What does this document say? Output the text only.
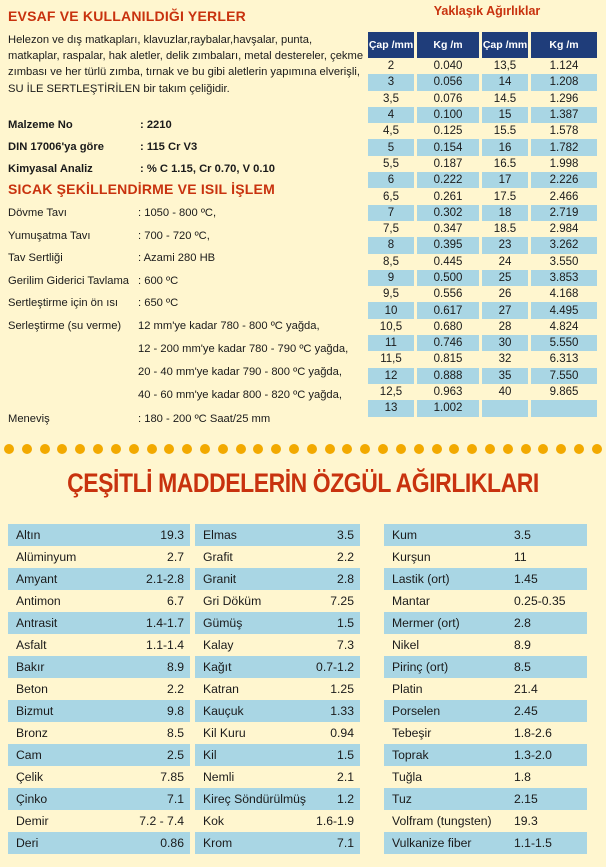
EVSAF VE KULLANILDIĞI YERLER
Helezon ve dış matkapları, klavuzlar,raybalar,havşalar, punta, matkaplar, raspalar, hak aletler, delik zımbaları, metal destereler, çekme zımbası ve her türlü zımba, tırnak ve bu gibi aletlerin yapımına elverişli, SU İLE SERTLEŞTİRİLEN bir takım çeliğidir.
Malzeme No	: 2210
DIN 17006'ya göre	: 115 Cr V3
Kimyasal Analiz	: % C 1.15, Cr 0.70, V 0.10
SICAK ŞEKİLLENDİRME VE ISIL İŞLEM
Dövme Tavı	: 1050 - 800 ºC,
Yumuşatma Tavı	: 700 - 720 ºC,
Tav Sertliği	: Azami 280 HB
Gerilim Giderici Tavlama : 600 ºC
Sertleştirme için ön ısı : 650 ºC
Serleştirme (su verme) 12 mm'ye kadar 780 - 800 ºC yağda,
12 - 200 mm'ye kadar 780 - 790 ºC yağda,
20 - 40 mm'ye kadar 790 - 800 ºC yağda,
40 - 60 mm'ye kadar 800 - 820 ºC yağda,
Meneviş	: 180 - 200 ºC Saat/25 mm
Yaklaşık Ağırlıklar
Çap /mm	Kg /m	Çap /mm	Kg /m
2	0.040	13,5	1.124
3	0.056	14	1.208
3,5	0.076	14.5	1.296
4	0.100	15	1.387
4,5	0.125	15.5	1.578
5	0.154	16	1.782
5,5	0.187	16.5	1.998
6	0.222	17	2.226
6,5	0.261	17.5	2.466
7	0.302	18	2.719
7,5	0.347	18.5	2.984
8	0.395	23	3.262
8,5	0.445	24	3.550
9	0.500	25	3.853
9,5	0.556	26	4.168
10	0.617	27	4.495
10,5	0.680	28	4.824
11	0.746	30	5.550
11,5	0.815	32	6.313
12	0.888	35	7.550
12,5	0.963	40	9.865
13	1.002
ÇEŞİTLİ MADDELERİN ÖZGÜL AĞIRLIKLARI
Altın	19.3
Alüminyum	2.7
Amyant	2.1-2.8
Antimon	6.7
Antrasit	1.4-1.7
Asfalt	1.1-1.4
Bakır	8.9
Beton	2.2
Bizmut	9.8
Bronz	8.5
Cam	2.5
Çelik	7.85
Çinko	7.1
Demir	7.2 - 7.4
Deri	0.86
Elmas	3.5
Grafit	2.2
Granit	2.8
Gri Döküm	7.25
Gümüş	1.5
Kalay	7.3
Kağıt	0.7-1.2
Katran	1.25
Kauçuk	1.33
Kil Kuru	0.94
Kil	1.5
Nemli	2.1
Kireç Söndürülmüş	1.2
Kok	1.6-1.9
Krom	7.1
Kum	3.5
Kurşun	11
Lastik (ort)	1.45
Mantar	0.25-0.35
Mermer (ort)	2.8
Nikel	8.9
Pirinç (ort)	8.5
Platin	21.4
Porselen	2.45
Tebeşir	1.8-2.6
Toprak	1.3-2.0
Tuğla	1.8
Tuz	2.15
Volfram (tungsten) 19.3
Vulkanize fiber	1.1-1.5
